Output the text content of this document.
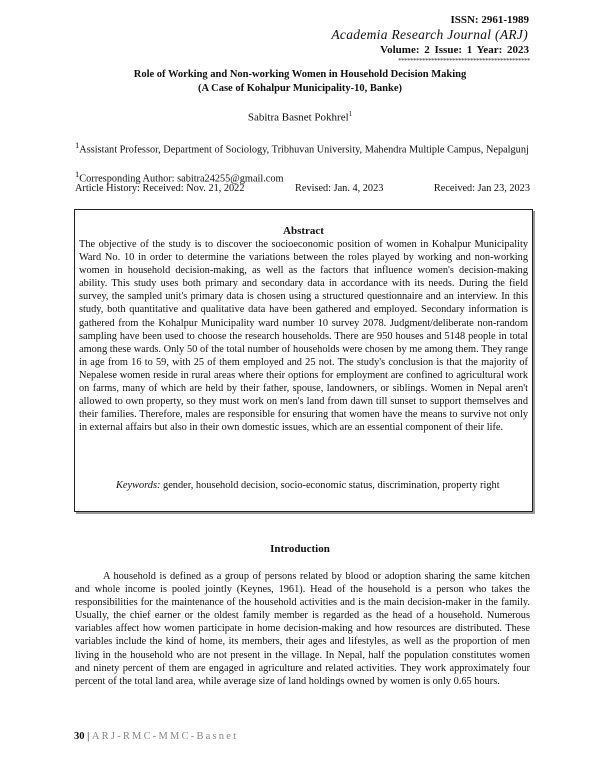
ISSN: 2961-1989
Academia Research Journal (ARJ)
Volume: 2 Issue: 1 Year: 2023
********************************************
Role of Working and Non-working Women in Household Decision Making
(A Case of Kohalpur Municipality-10, Banke)
Sabitra Basnet Pokhrel$^1$
$^1$Assistant Professor, Department of Sociology, Tribhuvan University, Mahendra Multiple Campus, Nepalgunj
$^1$Corresponding Author: sabitra24255@gmail.com
Article History: Received: Nov. 21, 2022	Revised: Jan. 4, 2023	Received: Jan 23, 2023
Abstract
The objective of the study is to discover the socioeconomic position of women in Kohalpur Municipality Ward No. 10 in order to determine the variations between the roles played by working and non-working women in household decision-making, as well as the factors that influence women's decision-making ability. This study uses both primary and secondary data in accordance with its needs. During the field survey, the sampled unit's primary data is chosen using a structured questionnaire and an interview. In this study, both quantitative and qualitative data have been gathered and employed. Secondary information is gathered from the Kohalpur Municipality ward number 10 survey 2078. Judgment/deliberate non-random sampling have been used to choose the research households. There are 950 houses and 5148 people in total among these wards. Only 50 of the total number of households were chosen by me among them. They range in age from 16 to 59, with 25 of them employed and 25 not. The study's conclusion is that the majority of Nepalese women reside in rural areas where their options for employment are confined to agricultural work on farms, many of which are held by their father, spouse, landowners, or siblings. Women in Nepal aren't allowed to own property, so they must work on men's land from dawn till sunset to support themselves and their families. Therefore, males are responsible for ensuring that women have the means to survive not only in external affairs but also in their own domestic issues, which are an essential component of their life.
Keywords: gender, household decision, socio-economic status, discrimination, property right
Introduction
A household is defined as a group of persons related by blood or adoption sharing the same kitchen and whole income is pooled jointly (Keynes, 1961). Head of the household is a person who takes the responsibilities for the maintenance of the household activities and is the main decision-maker in the family. Usually, the chief earner or the oldest family member is regarded as the head of a household. Numerous variables affect how women participate in home decision-making and how resources are distributed. These variables include the kind of home, its members, their ages and lifestyles, as well as the proportion of men living in the household who are not present in the village. In Nepal, half the population constitutes women and ninety percent of them are engaged in agriculture and related activities. They work approximately four percent of the total land area, while average size of land holdings owned by women is only 0.65 hours.
30 | ARJ-RMC-MMC-Basnet
